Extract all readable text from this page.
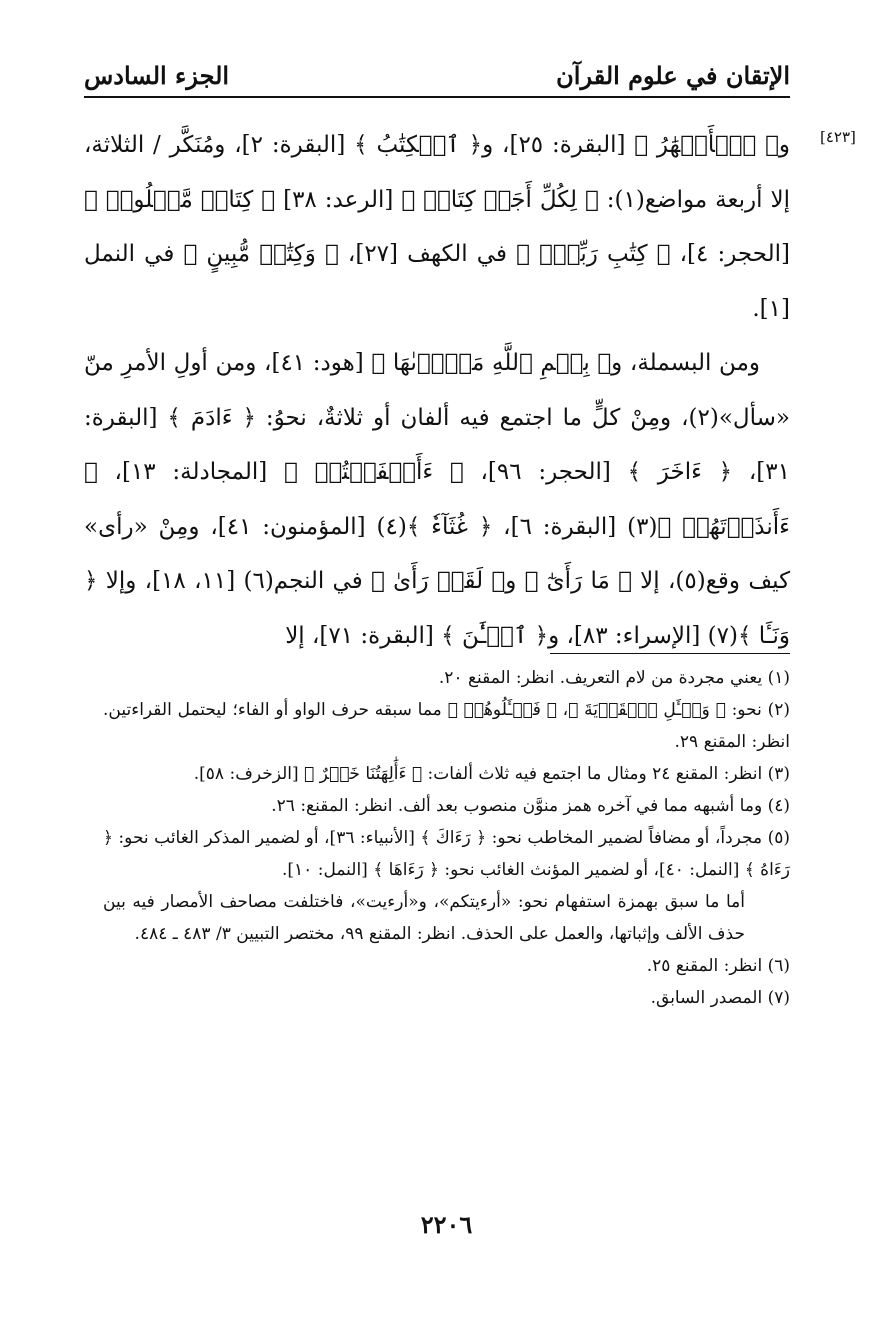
الإتقان في علوم القرآن
الجزء السادس
[٤٢٣]

و﴿ ٱلۡأَنۡهَٰرُ ﴾ [البقرة: ٢٥]، و﴿ ٱلۡكِتَٰبُ ﴾ [البقرة: ٢]، ومُنَكَّر / الثلاثة، إلا أربعة مواضع(١): ﴿ لِكُلِّ أَجَلٖ كِتَابٞ ﴾ [الرعد: ٣٨] ﴿ كِتَابٞ مَّعۡلُومٞ ﴾ [الحجر: ٤]، ﴿ كِتَٰبِ رَبِّكَۖ ﴾ في الكهف [٢٧]، ﴿ وَكِتَٰبٖ مُّبِينٍ ﴾ في النمل [١].

ومن البسملة، و﴿ بِسۡمِ ٱللَّهِ مَجۡرٜىٰهَا ﴾ [هود: ٤١]، ومن أولِ الأمرِ منّ «سأل»(٢)، ومِنْ كلٍّ ما اجتمع فيه ألفان أو ثلاثةٌ، نحوُ: ﴿ ءَادَمَ ﴾ [البقرة: ٣١]، ﴿ ءَاخَرَ ﴾ [الحجر: ٩٦]، ﴿ ءَأَشۡفَقۡتُمۡ ﴾ [المجادلة: ١٣]، ﴿ ءَأَنذَرۡتَهُمۡ ﴾(٣) [البقرة: ٦]، ﴿ غُثَآءٗ ﴾(٤) [المؤمنون: ٤١]، ومِنْ «رأى» كيف وقع(٥)، إلا ﴿ مَا رَأَىٰٓ ﴾ و﴿ لَقَدۡ رَأَىٰ ﴾ في النجم(٦) [١١، ١٨]، وإلا ﴿ وَنَـَٔا ﴾(٧) [الإسراء: ٨٣]، و﴿ ٱلۡـَٰٔنَ ﴾ [البقرة: ٧١]، إلا

(١) يعني مجردة من لام التعريف. انظر: المقنع ٢٠.

(٢) نحو: ﴿ وَسۡـَٔلِ ٱلۡقَرۡيَةَ ﴾، ﴿ فَسۡـَٔلُوهُمۡ ﴾ مما سبقه حرف الواو أو الفاء؛ ليحتمل القراءتين. انظر: المقنع ٢٩.

(٣) انظر: المقنع ٢٤ ومثال ما اجتمع فيه ثلاث ألفات: ﴿ ءَأَٰلِهَتُنَا خَيۡرٌ ﴾ [الزخرف: ٥٨].

(٤) وما أشبهه مما في آخره همز منوَّن منصوب بعد ألف. انظر: المقنع: ٢٦.

(٥) مجرداً، أو مضافاً لضمير المخاطب نحو: ﴿ رَءَاكَ ﴾ [الأنبياء: ٣٦]، أو لضمير المذكر الغائب نحو: ﴿ رَءَاهُ ﴾ [النمل: ٤٠]، أو لضمير المؤنث الغائب نحو: ﴿ رَءَاهَا ﴾ [النمل: ١٠].

أما ما سبق بهمزة استفهام نحو: «أرءيتكم»، و«أرءيت»، فاختلفت مصاحف الأمصار فيه بين حذف الألف وإثباتها، والعمل على الحذف. انظر: المقنع ٩٩، مختصر التبيين ٣/ ٤٨٣ ـ ٤٨٤.

(٦) انظر: المقنع ٢٥.

(٧) المصدر السابق.

٢٢٠٦
